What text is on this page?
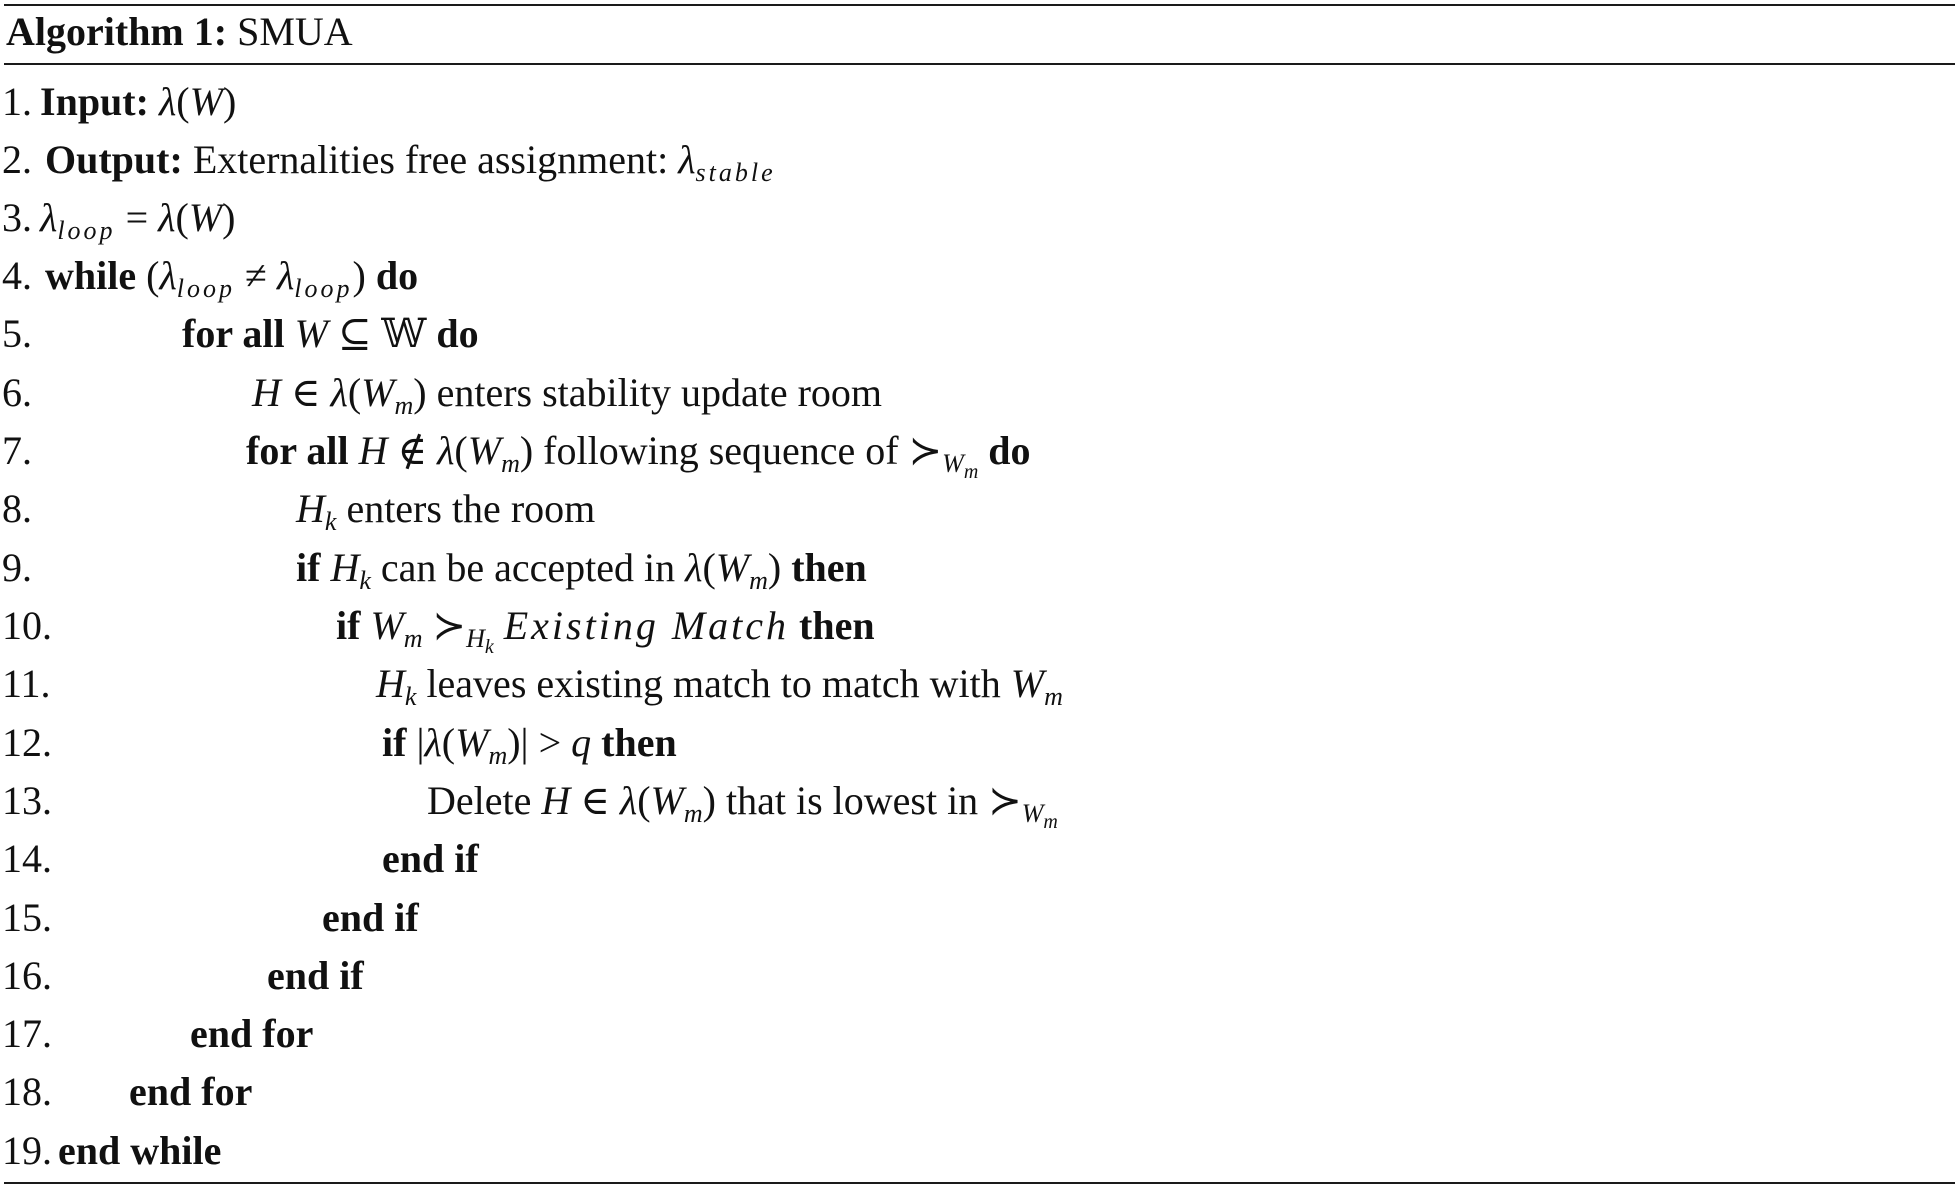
Algorithm 1: SMUA
1. Input: λ(W)
2. Output: Externalities free assignment: $\lambda_{stable}$
3. $\lambda_{loop} = \lambda(W)$
4. while $(\lambda_{loop} \ne \lambda_{loop})$ do
5.	for all W ⊆ 𝕎 do
6.	H ∈ $\lambda(W_m)$ enters stability update room
7.	for all H ∉ $\lambda(W_m)$ following sequence of $≻_{W_m}$ do
8.	$H_k$ enters the room
9.	if $H_k$ can be accepted in $\lambda(W_m)$ then
10.	if $W_m$ $≻_{H_k}$ Existing Match then
11.	$H_k$ leaves existing match to match with $W_m$
12.	if $|\lambda(W_m)| > q$ then
13.	Delete H ∈ $\lambda(W_m)$ that is lowest in $≻_{W_m}$
14.	end if
15.	end if
16.	end if
17.	end for
18. end for
19. end while
